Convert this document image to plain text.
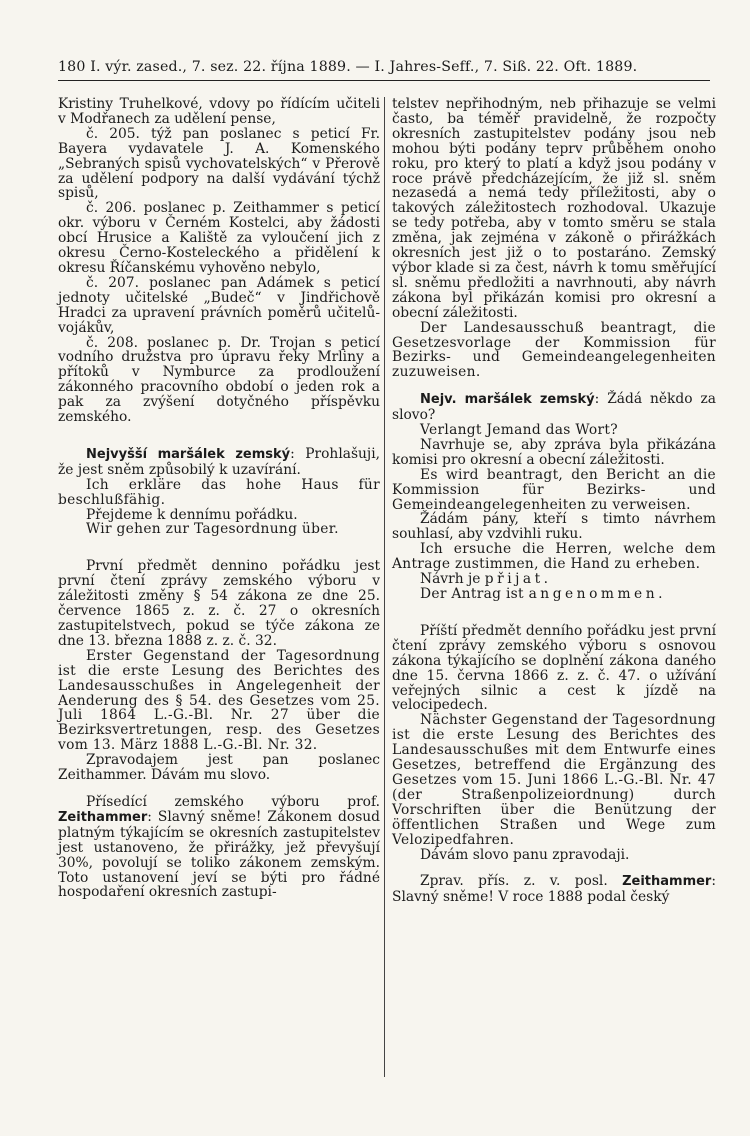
180 I. výr. zased., 7. sez. 22. října 1889. — I. Jahres-Seff., 7. Siß. 22. Oft. 1889.

Kristiny Truhelkové, vdovy po řídícím učiteli v Modřanech za udělení pense,

č. 205. týž pan poslanec s peticí Fr. Bayera vydavatele J. A. Komenského „Sebraných spisů vychovatelských“ v Přerově za udělení podpory na další vydávání týchž spisů,

č. 206. poslanec p. Zeithammer s peticí okr. výboru v Černém Kostelci, aby žádosti obcí Hrusice a Kaliště za vyloučení jich z okresu Černo-Kosteleckého a přidělení k okresu Říčanskému vyhověno nebylo,

č. 207. poslanec pan Adámek s peticí jednoty učitelské „Budeč“ v Jindřichově Hradci za upravení právních poměrů učitelů-vojákův,

č. 208. poslanec p. Dr. Trojan s peticí vodního družstva pro úpravu řeky Mrliny a přítoků v Nymburce za prodloužení zákonného pracovního období o jeden rok a pak za zvýšení dotyčného příspěvku zemského.

Nejvyšší maršálek zemský: Prohlašuji, že jest sněm způsobilý k uzavírání.

Ich erkläre das hohe Haus für beschlußfähig.

Přejdeme k dennímu pořádku.

Wir gehen zur Tagesordnung über.

První předmět dennino pořádku jest první čtení zprávy zemského výboru v záležitosti změny § 54 zákona ze dne 25. července 1865 z. z. č. 27 o okresních zastupitelstvech, pokud se týče zákona ze dne 13. března 1888 z. z. č. 32.

Erster Gegenstand der Tagesordnung ist die erste Lesung des Berichtes des Landesausschußes in Angelegenheit der Aenderung des § 54. des Gesetzes vom 25. Juli 1864 L.-G.-Bl. Nr. 27 über die Bezirksvertretungen, resp. des Gesetzes vom 13. März 1888 L.-G.-Bl. Nr. 32.

Zpravodajem jest pan poslanec Zeithammer. Dávám mu slovo.

Přísedící zemského výboru prof. Zeithammer: Slavný sněme! Zákonem dosud platným týkajícím se okresních zastupitelstev jest ustanoveno, že přirážky, jež převyšují 30%, povolují se toliko zákonem zemským. Toto ustanovení jeví se býti pro řádné hospodaření okresních zastupi-

telstev nepřihodným, neb přihazuje se velmi často, ba téměř pravidelně, že rozpočty okresních zastupitelstev podány jsou neb mohou býti podány teprv průběhem onoho roku, pro který to platí a když jsou podány v roce právě předcházejícím, že již sl. sněm nezasedá a nemá tedy příležitosti, aby o takových záležitostech rozhodoval. Ukazuje se tedy potřeba, aby v tomto směru se stala změna, jak zejména v zákoně o přirážkách okresních jest již o to postaráno. Zemský výbor klade si za čest, návrh k tomu směřující sl. sněmu předložiti a navrhnouti, aby návrh zákona byl přikázán komisi pro okresní a obecní záležitosti.

Der Landesausschuß beantragt, die Gesetzesvorlage der Kommission für Bezirks- und Gemeindeangelegenheiten zuzuweisen.

Nejv. maršálek zemský: Žádá někdo za slovo?

Verlangt Jemand das Wort?

Navrhuje se, aby zpráva byla přikázána komisi pro okresní a obecní záležitosti.

Es wird beantragt, den Bericht an die Kommission für Bezirks- und Gemeindeangelegenheiten zu verweisen.

Žádám pány, kteří s timto návrhem souhlasí, aby vzdvihli ruku.

Ich ersuche die Herren, welche dem Antrage zustimmen, die Hand zu erheben.

Návrh je přijat.

Der Antrag ist angenommen.

Příští předmět denního pořádku jest první čtení zprávy zemského výboru s osnovou zákona týkajícího se doplnění zákona daného dne 15. června 1866 z. z. č. 47. o užívání veřejných silnic a cest k jízdě na velocipedech.

Nächster Gegenstand der Tagesordnung ist die erste Lesung des Berichtes des Landesausschußes mit dem Entwurfe eines Gesetzes, betreffend die Ergänzung des Gesetzes vom 15. Juni 1866 L.-G.-Bl. Nr. 47 (der Straßenpolizeiordnung) durch Vorschriften über die Benützung der öffentlichen Straßen und Wege zum Velozipedfahren.

Dávám slovo panu zpravodaji.

Zprav. přís. z. v. posl. Zeithammer: Slavný sněme! V roce 1888 podal český
